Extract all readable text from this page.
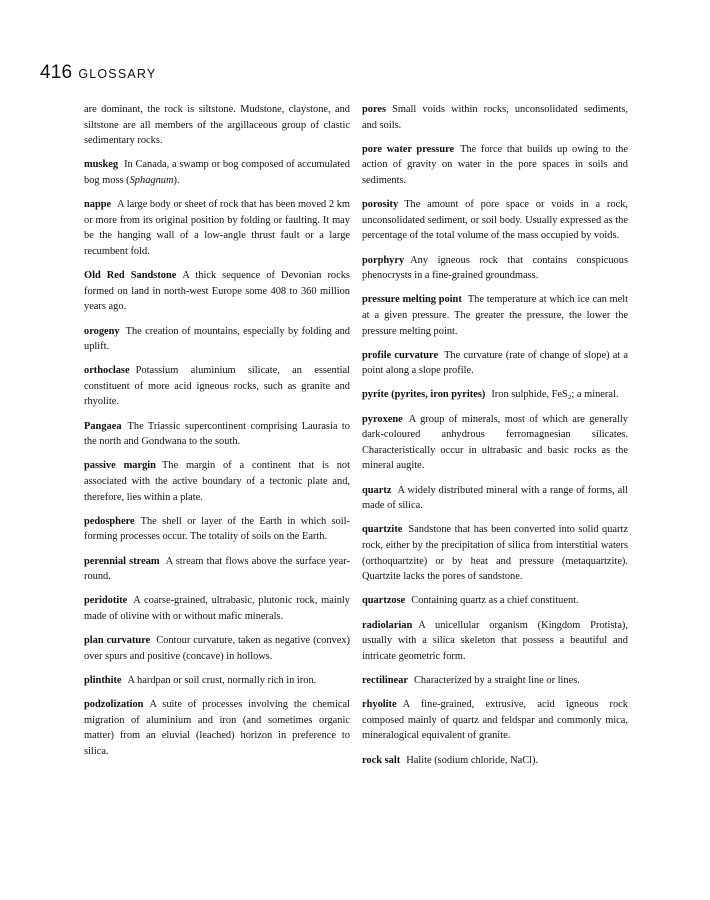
416 GLOSSARY

are dominant, the rock is siltstone. Mudstone, claystone, and siltstone are all members of the argillaceous group of clastic sedimentary rocks.

muskeg In Canada, a swamp or bog composed of accumulated bog moss (Sphagnum).

nappe A large body or sheet of rock that has been moved 2 km or more from its original position by folding or faulting. It may be the hanging wall of a low-angle thrust fault or a large recumbent fold.

Old Red Sandstone A thick sequence of Devonian rocks formed on land in north-west Europe some 408 to 360 million years ago.

orogeny The creation of mountains, especially by folding and uplift.

orthoclase Potassium aluminium silicate, an essential constituent of more acid igneous rocks, such as granite and rhyolite.

Pangaea The Triassic supercontinent comprising Laurasia to the north and Gondwana to the south.

passive margin The margin of a continent that is not associated with the active boundary of a tectonic plate and, therefore, lies within a plate.

pedosphere The shell or layer of the Earth in which soil-forming processes occur. The totality of soils on the Earth.

perennial stream A stream that flows above the surface year-round.

peridotite A coarse-grained, ultrabasic, plutonic rock, mainly made of olivine with or without mafic minerals.

plan curvature Contour curvature, taken as negative (convex) over spurs and positive (concave) in hollows.

plinthite A hardpan or soil crust, normally rich in iron.

podzolization A suite of processes involving the chemical migration of aluminium and iron (and sometimes organic matter) from an eluvial (leached) horizon in preference to silica.

pores Small voids within rocks, unconsolidated sediments, and soils.

pore water pressure The force that builds up owing to the action of gravity on water in the pore spaces in soils and sediments.

porosity The amount of pore space or voids in a rock, unconsolidated sediment, or soil body. Usually expressed as the percentage of the total volume of the mass occupied by voids.

porphyry Any igneous rock that contains conspicuous phenocrysts in a fine-grained groundmass.

pressure melting point The temperature at which ice can melt at a given pressure. The greater the pressure, the lower the pressure melting point.

profile curvature The curvature (rate of change of slope) at a point along a slope profile.

pyrite (pyrites, iron pyrites) Iron sulphide, FeS₂; a mineral.

pyroxene A group of minerals, most of which are generally dark-coloured anhydrous ferromagnesian silicates. Characteristically occur in ultrabasic and basic rocks as the mineral augite.

quartz A widely distributed mineral with a range of forms, all made of silica.

quartzite Sandstone that has been converted into solid quartz rock, either by the precipitation of silica from interstitial waters (orthoquartzite) or by heat and pressure (metaquartzite). Quartzite lacks the pores of sandstone.

quartzose Containing quartz as a chief constituent.

radiolarian A unicellular organism (Kingdom Protista), usually with a silica skeleton that possess a beautiful and intricate geometric form.

rectilinear Characterized by a straight line or lines.

rhyolite A fine-grained, extrusive, acid igneous rock composed mainly of quartz and feldspar and commonly mica, mineralogical equivalent of granite.

rock salt Halite (sodium chloride, NaCl).
